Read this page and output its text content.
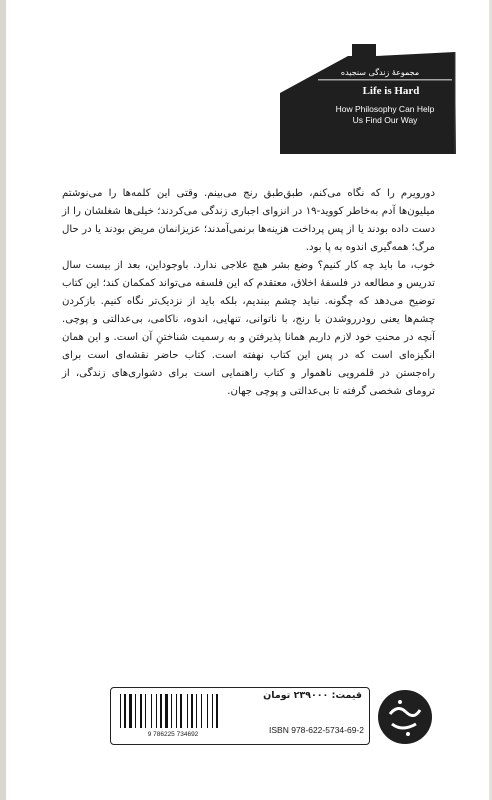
مجموعهٔ زندگی سنجیده
Life is Hard
How Philosophy Can Help
Us Find Our Way

دورویرم را که نگاه می‌کنم، طبق‌طبق رنج می‌بینم. وقتی این کلمه‌ها را می‌نوشتم میلیون‌ها آدم به‌خاطر کووید-۱۹ در انزوای اجباری زندگی می‌کردند؛ خیلی‌ها شغلشان را از دست داده بودند یا از پس پرداخت هزینه‌ها برنمی‌آمدند؛ عزیزانمان مریض بودند یا در حال مرگ؛ همه‌گیری اندوه به پا بود.

خوب، ما باید چه کار کنیم؟ وضع بشر هیچ علاجی ندارد. باوجوداین، بعد از بیست سال تدریس و مطالعه در فلسفهٔ اخلاق، معتقدم که این فلسفه می‌تواند کمکمان کند؛ این کتاب توضیح می‌دهد که چگونه. نباید چشم ببندیم، بلکه باید از نزدیک‌تر نگاه کنیم. بازکردن چشم‌ها یعنی رودررو‌شدن با رنج، با ناتوانی، تنهایی، اندوه، ناکامی، بی‌عدالتی و پوچی. آنچه در محنتِ خود لازم داریم همانا پذیرفتن و به رسمیت شناختنِ آن است. و این همان انگیزه‌ای است که در پس این کتاب نهفته است. کتاب حاضر نقشه‌ای است برای راه‌جستن در قلمرویی ناهموار و کتاب راهنمایی است برای دشواری‌های زندگی، از ترومای شخصی گرفته تا بی‌عدالتی و پوچی جهان.

قیمت: ۲۳۹۰۰۰ تومان
ISBN 978-622-5734-69-2
9 786225 734692
